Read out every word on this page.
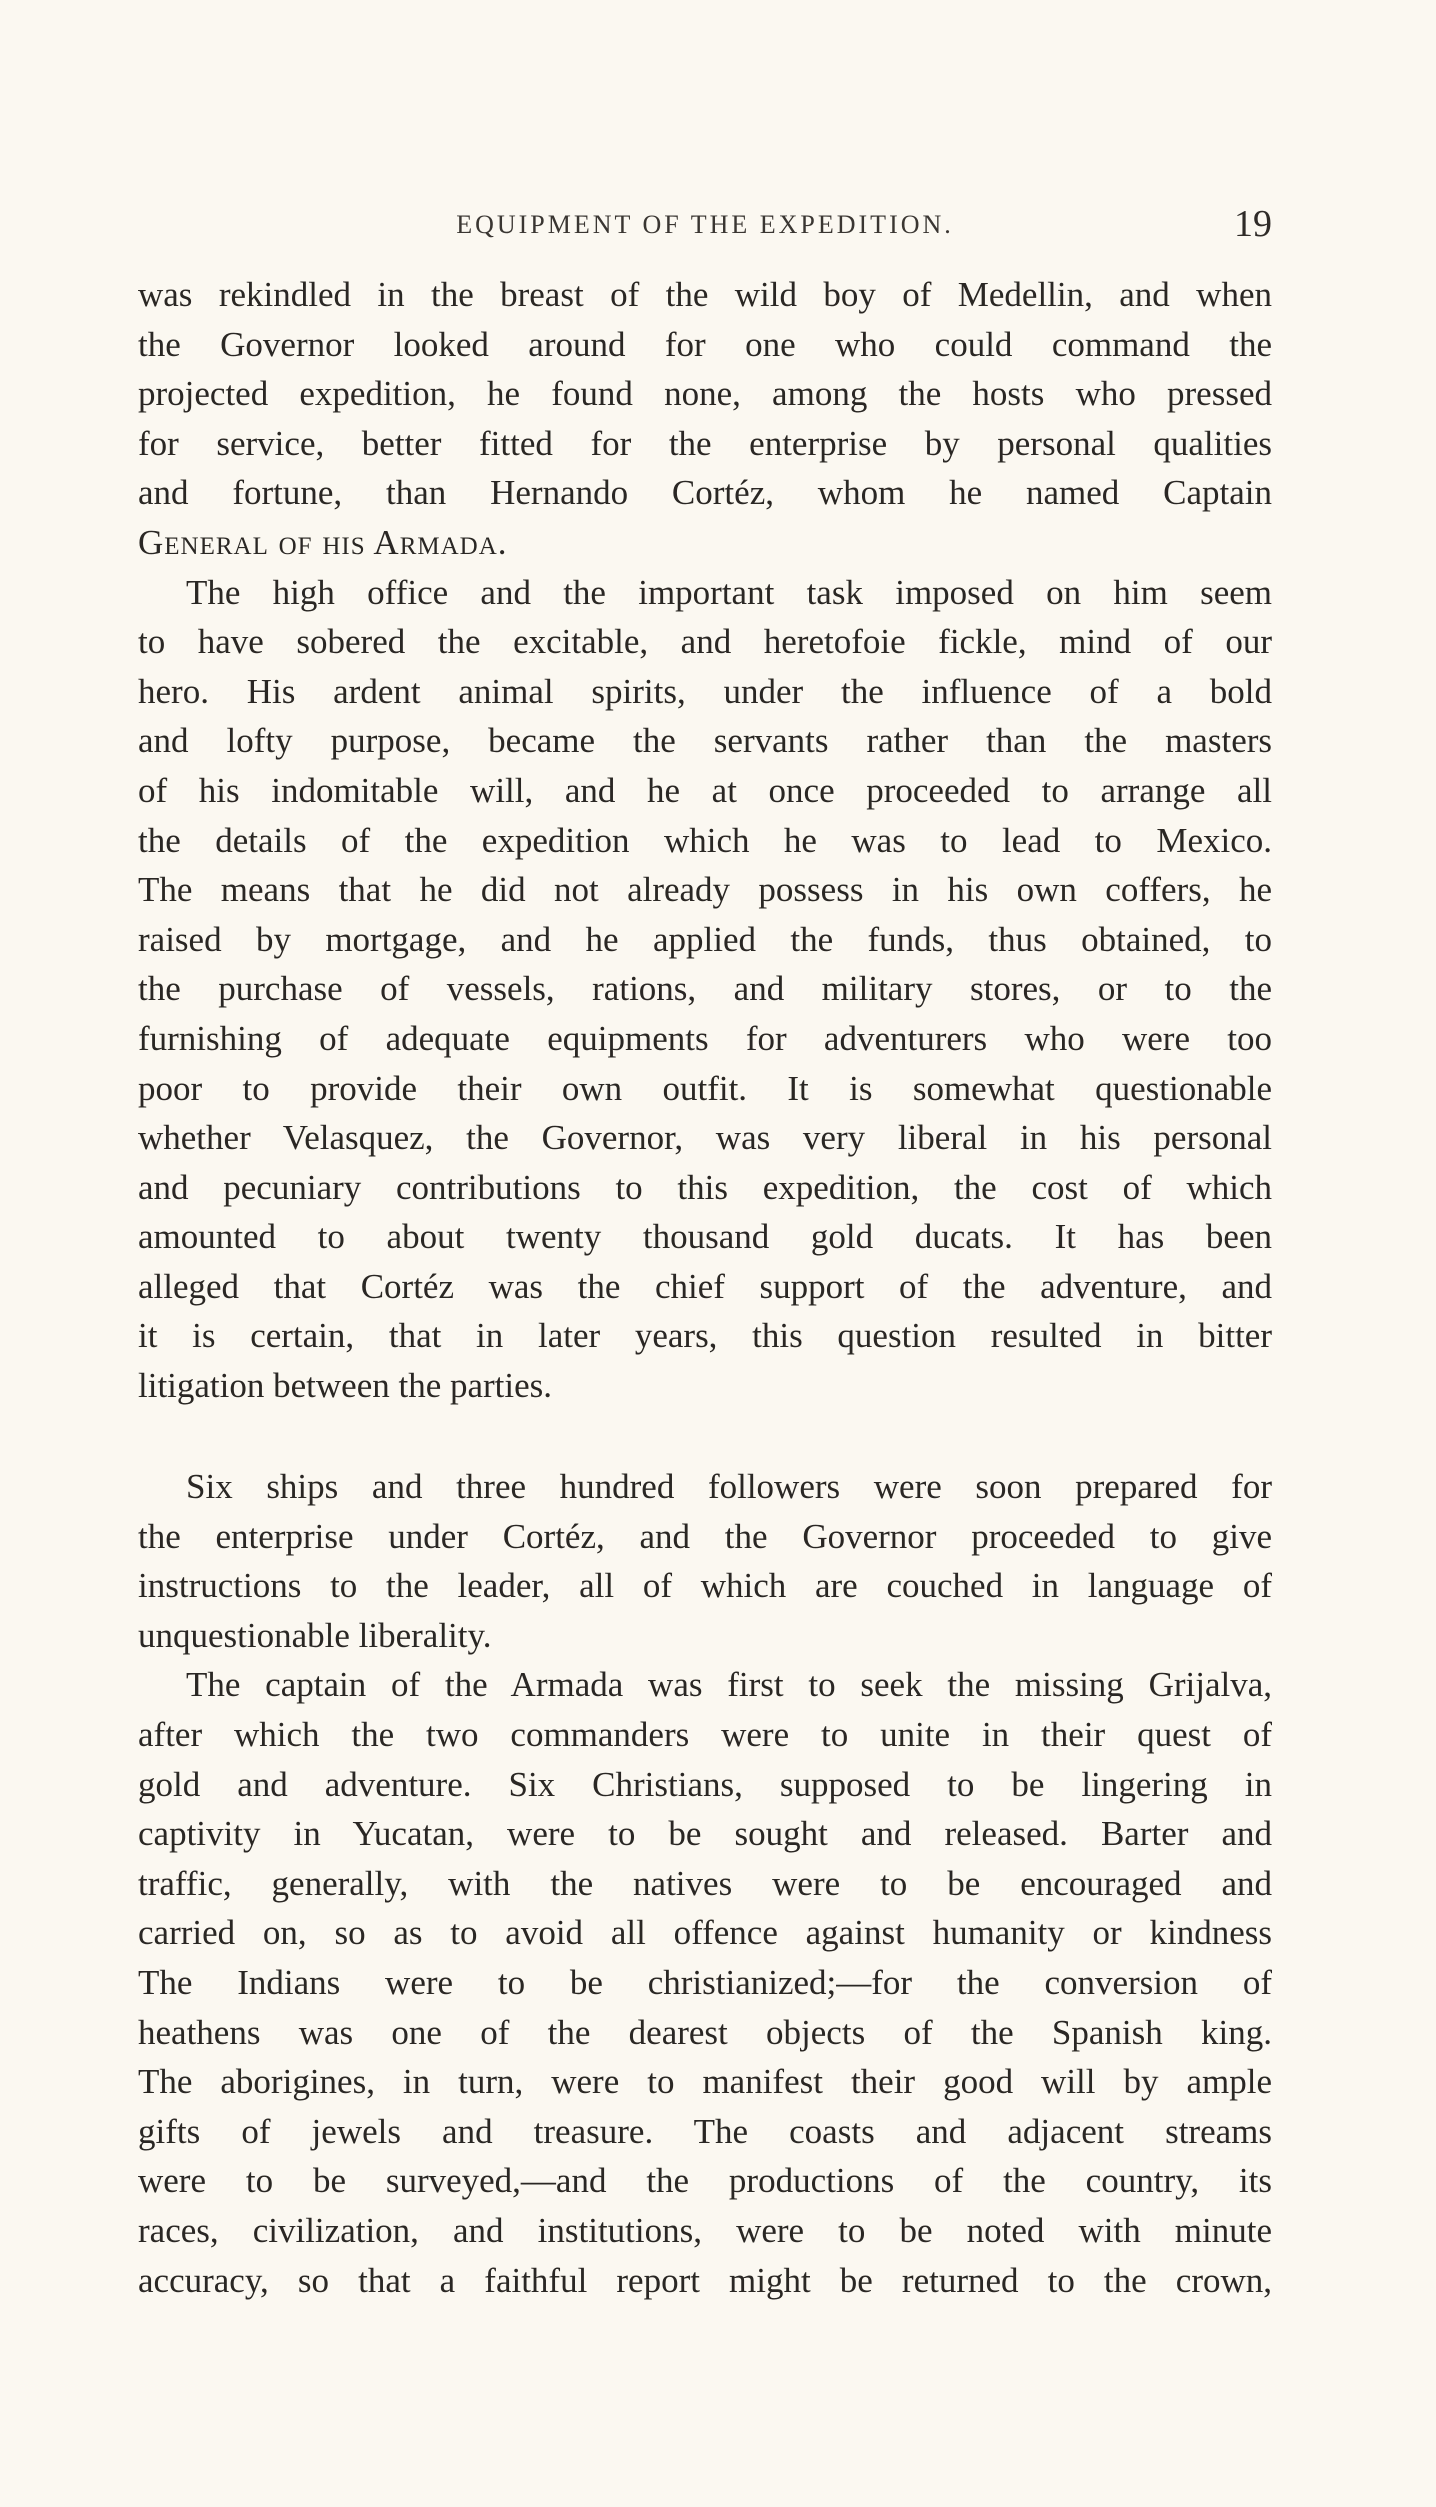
EQUIPMENT OF THE EXPEDITION.	19
was rekindled in the breast of the wild boy of Medellin, and when
the Governor looked around for one who could command the
projected expedition, he found none, among the hosts who pressed
for service, better fitted for the enterprise by personal qualities
and fortune, than Hernando Cortéz, whom he named Captain
General of his Armada.
The high office and the important task imposed on him seem
to have sobered the excitable, and heretofoie fickle, mind of our
hero. His ardent animal spirits, under the influence of a bold
and lofty purpose, became the servants rather than the masters
of his indomitable will, and he at once proceeded to arrange all
the details of the expedition which he was to lead to Mexico.
The means that he did not already possess in his own coffers, he
raised by mortgage, and he applied the funds, thus obtained, to
the purchase of vessels, rations, and military stores, or to the
furnishing of adequate equipments for adventurers who were too
poor to provide their own outfit. It is somewhat questionable
whether Velasquez, the Governor, was very liberal in his personal
and pecuniary contributions to this expedition, the cost of which
amounted to about twenty thousand gold ducats. It has been
alleged that Cortéz was the chief support of the adventure, and
it is certain, that in later years, this question resulted in bitter
litigation between the parties.
Six ships and three hundred followers were soon prepared for
the enterprise under Cortéz, and the Governor proceeded to give
instructions to the leader, all of which are couched in language of
unquestionable liberality.
The captain of the Armada was first to seek the missing Grijalva,
after which the two commanders were to unite in their quest of
gold and adventure. Six Christians, supposed to be lingering in
captivity in Yucatan, were to be sought and released. Barter and
traffic, generally, with the natives were to be encouraged and
carried on, so as to avoid all offence against humanity or kindness
The Indians were to be christianized;—for the conversion of
heathens was one of the dearest objects of the Spanish king.
The aborigines, in turn, were to manifest their good will by ample
gifts of jewels and treasure. The coasts and adjacent streams
were to be surveyed,—and the productions of the country, its
races, civilization, and institutions, were to be noted with minute
accuracy, so that a faithful report might be returned to the crown,
